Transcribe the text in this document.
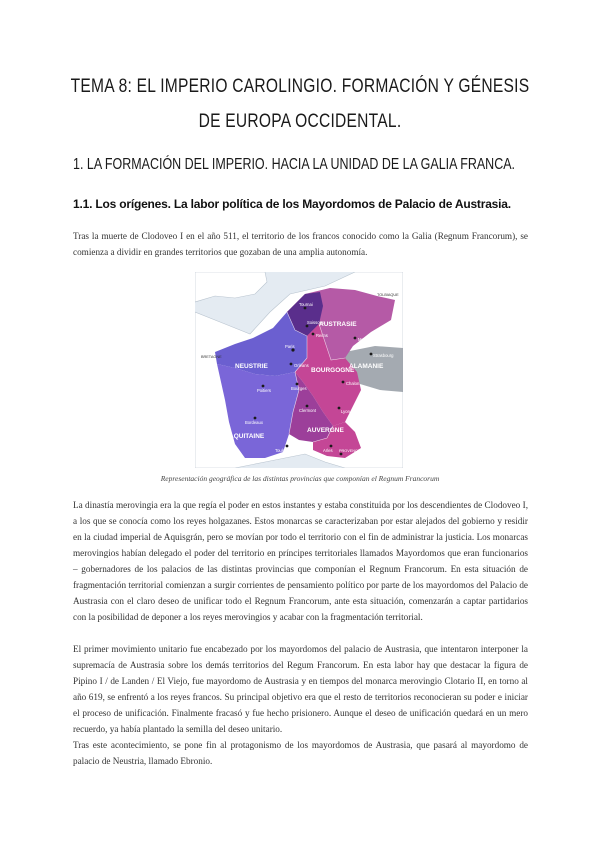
TEMA 8: EL IMPERIO CAROLINGIO. FORMACIÓN Y GÉNESIS
DE EUROPA OCCIDENTAL.
1. LA FORMACIÓN DEL IMPERIO. HACIA LA UNIDAD DE LA GALIA FRANCA.
1.1. Los orígenes. La labor política de los Mayordomos de Palacio de Austrasia.
Tras la muerte de Clodoveo I en el año 511, el territorio de los francos conocido como la Galia (Regnum Francorum), se comienza a dividir en grandes territorios que gozaban de una amplia autonomía.
AUSTRASIE
NEUSTRIE
BOURGOGNE
ALAMANIE
AQUITAINE
AUVERGNE
BRETAGNE
TOLBIAQUE
PROVENCE
Paris
Reims
Soissons
Orléans
Metz
Strasbourg
Chalon
Bourges
Poitiers
Clermont	Lyon
Bordeaux
Toulouse	Arles
Marseille
Tournai
Representación geográfica de las distintas provincias que componían el Regnum Francorum
La dinastía merovingia era la que regía el poder en estos instantes y estaba constituida por los descendientes de Clodoveo I, a los que se conocía como los reyes holgazanes. Estos monarcas se caracterizaban por estar alejados del gobierno y residir en la ciudad imperial de Aquisgrán, pero se movían por todo el territorio con el fin de administrar la justicia. Los monarcas merovingios habían delegado el poder del territorio en príncipes territoriales llamados Mayordomos que eran funcionarios – gobernadores de los palacios de las distintas provincias que componían el Regnum Francorum. En esta situación de fragmentación territorial comienzan a surgir corrientes de pensamiento político por parte de los mayordomos del Palacio de Austrasia con el claro deseo de unificar todo el Regnum Francorum, ante esta situación, comenzarán a captar partidarios con la posibilidad de deponer a los reyes merovingios y acabar con la fragmentación territorial.
El primer movimiento unitario fue encabezado por los mayordomos del palacio de Austrasia, que intentaron interponer la supremacía de Austrasia sobre los demás territorios del Regum Francorum. En esta labor hay que destacar la figura de Pipino I / de Landen / El Viejo, fue mayordomo de Austrasia y en tiempos del monarca merovingio Clotario II, en torno al año 619, se enfrentó a los reyes francos. Su principal objetivo era que el resto de territorios reconocieran su poder e iniciar el proceso de unificación. Finalmente fracasó y fue hecho prisionero. Aunque el deseo de unificación quedará en un mero recuerdo, ya había plantado la semilla del deseo unitario.
Tras este acontecimiento, se pone fin al protagonismo de los mayordomos de Austrasia, que pasará al mayordomo de palacio de Neustria, llamado Ebronio.
